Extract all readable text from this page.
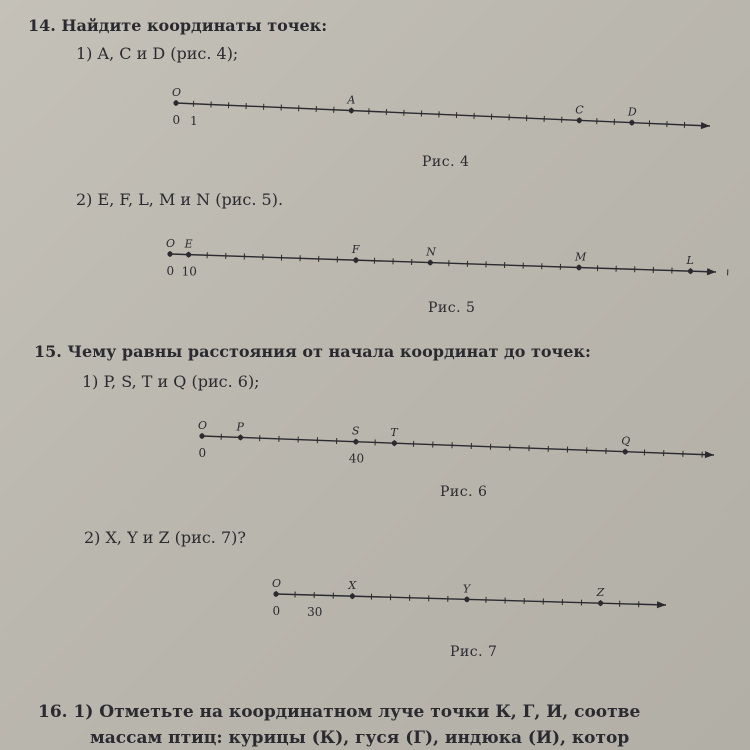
14. Найдите координаты точек:
1) A, C и D (рис. 4);
O
A
C	D
0 1
Рис. 4
2) E, F, L, M и N (рис. 5).
O E	F	N	M	L
0 10
Рис. 5
15. Чему равны расстояния от начала координат до точек:
1) P, S, T и Q (рис. 6);
O	P	S	T
Q
0	40
Рис. 6
2) X, Y и Z (рис. 7)?
O	X	Y	Z
0 30
Рис. 7
16. 1) Отметьте на координатном луче точки К, Г, И, соотве
массам птиц: курицы (К), гуся (Г), индюка (И), котор
